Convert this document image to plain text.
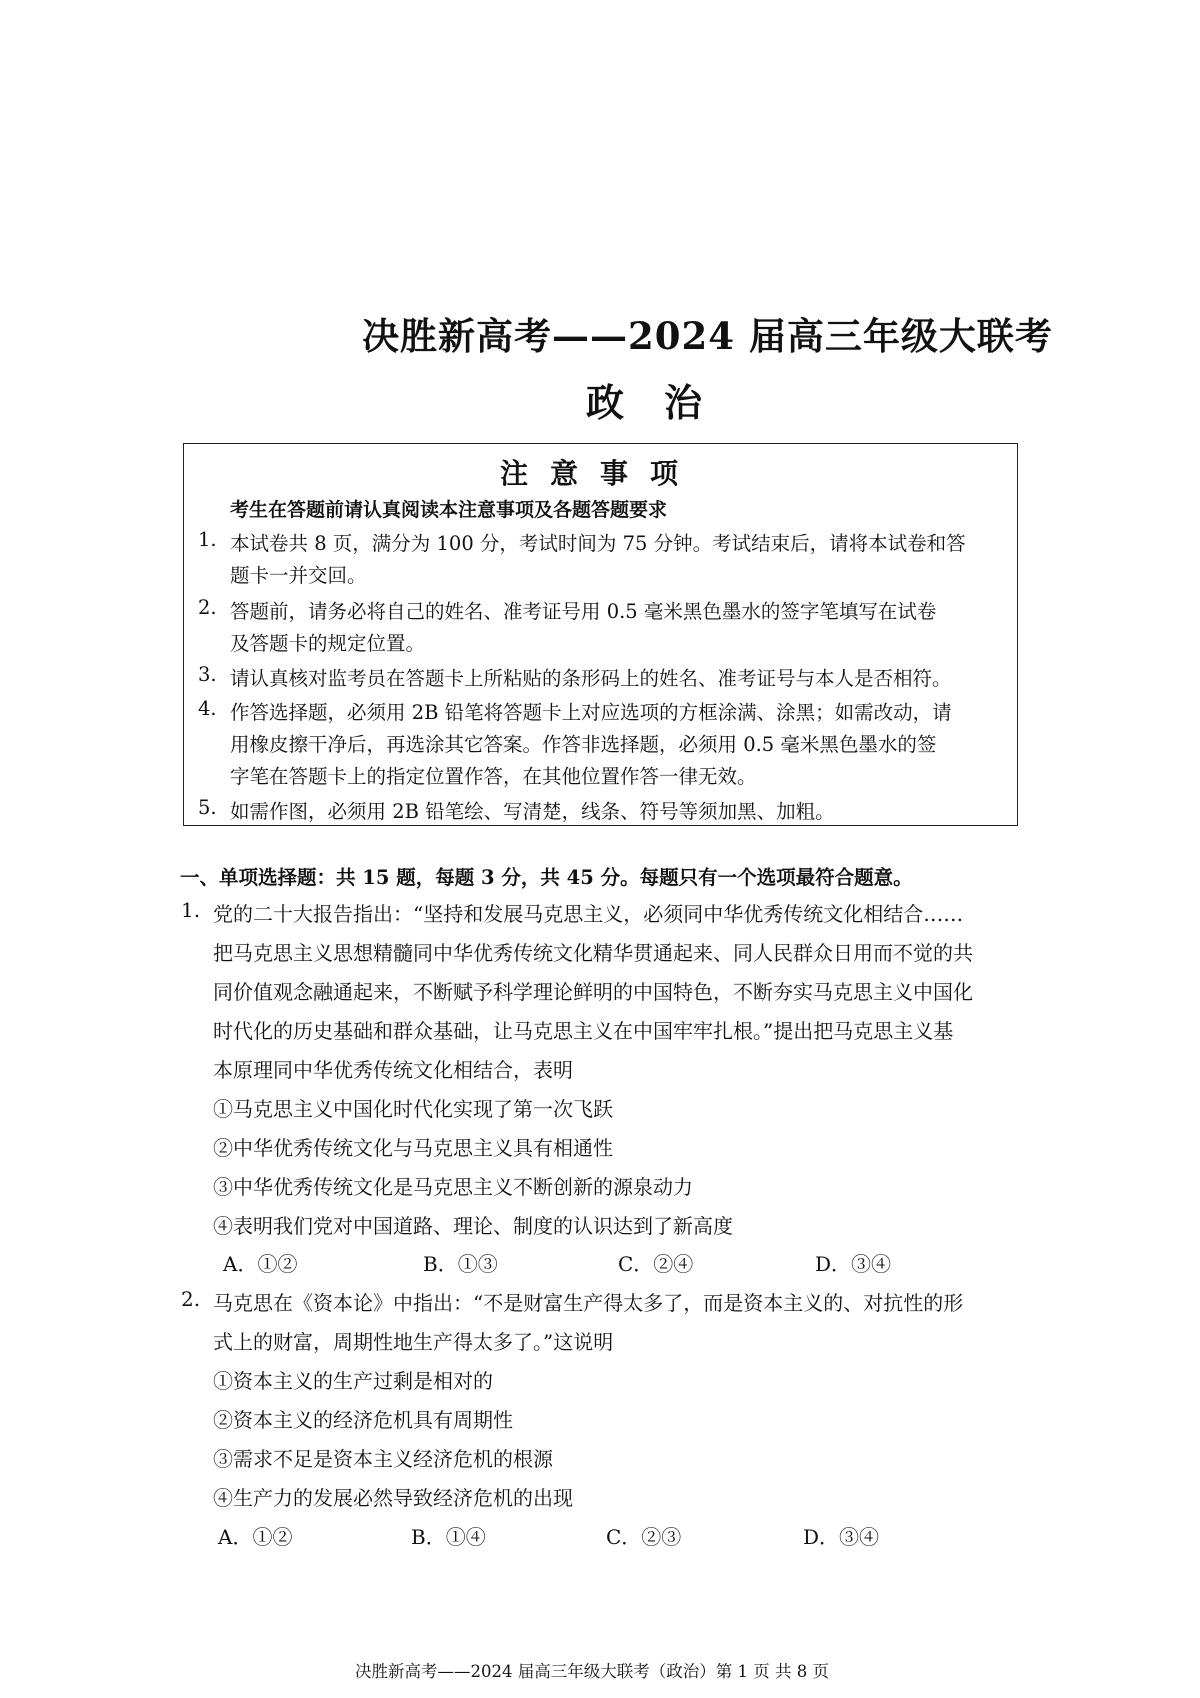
决胜新高考——2024 届高三年级大联考
政治
注意事项
考生在答题前请认真阅读本注意事项及各题答题要求
1. 本试卷共 8 页，满分为 100 分，考试时间为 75 分钟。考试结束后，请将本试卷和答
题卡一并交回。
2. 答题前，请务必将自己的姓名、准考证号用 0.5 毫米黑色墨水的签字笔填写在试卷
及答题卡的规定位置。
3. 请认真核对监考员在答题卡上所粘贴的条形码上的姓名、准考证号与本人是否相符。
4. 作答选择题，必须用 2B 铅笔将答题卡上对应选项的方框涂满、涂黑；如需改动，请
用橡皮擦干净后，再选涂其它答案。作答非选择题，必须用 0.5 毫米黑色墨水的签
字笔在答题卡上的指定位置作答，在其他位置作答一律无效。
5. 如需作图，必须用 2B 铅笔绘、写清楚，线条、符号等须加黑、加粗。
一、单项选择题：共 15 题，每题 3 分，共 45 分。每题只有一个选项最符合题意。
1. 党的二十大报告指出：“坚持和发展马克思主义，必须同中华优秀传统文化相结合……
把马克思主义思想精髓同中华优秀传统文化精华贯通起来、同人民群众日用而不觉的共
同价值观念融通起来，不断赋予科学理论鲜明的中国特色，不断夯实马克思主义中国化
时代化的历史基础和群众基础，让马克思主义在中国牢牢扎根。”提出把马克思主义基
本原理同中华优秀传统文化相结合，表明
①马克思主义中国化时代化实现了第一次飞跃
②中华优秀传统文化与马克思主义具有相通性
③中华优秀传统文化是马克思主义不断创新的源泉动力
④表明我们党对中国道路、理论、制度的认识达到了新高度
A．①②	B．①③	C．②④	D．③④
2. 马克思在《资本论》中指出：“不是财富生产得太多了，而是资本主义的、对抗性的形
式上的财富，周期性地生产得太多了。”这说明
①资本主义的生产过剩是相对的
②资本主义的经济危机具有周期性
③需求不足是资本主义经济危机的根源
④生产力的发展必然导致经济危机的出现
A．①②	B．①④	C．②③	D．③④
决胜新高考——2024 届高三年级大联考（政治）第 1 页 共 8 页
